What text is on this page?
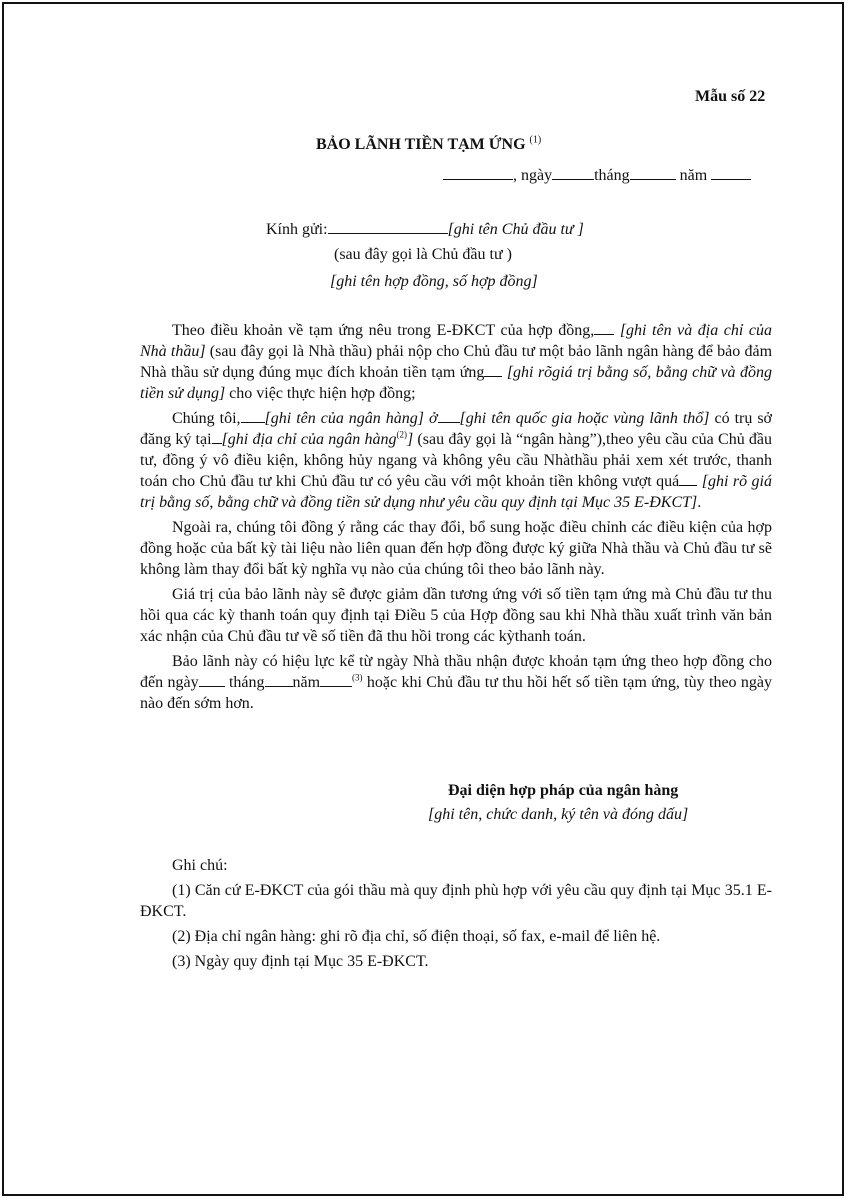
Mẫu số 22
BẢO LÃNH TIỀN TẠM ỨNG $^{(1)}$
, ngày	tháng	năm
Kính gửi:	[ghi tên Chủ đầu tư ]
(sau đây gọi là Chủ đầu tư )
[ghi tên hợp đồng, số hợp đồng]

Theo điều khoản về tạm ứng nêu trong E-ĐKCT của hợp đồng, [ghi tên và địa chỉ của Nhà thầu] (sau đây gọi là Nhà thầu) phải nộp cho Chủ đầu tư một bảo lãnh ngân hàng để bảo đảm Nhà thầu sử dụng đúng mục đích khoản tiền tạm ứng [ghi rõgiá trị bằng số, bằng chữ và đồng tiền sử dụng] cho việc thực hiện hợp đồng;

Chúng tôi, [ghi tên của ngân hàng] ở [ghi tên quốc gia hoặc vùng lãnh thổ] có trụ sở đăng ký tại [ghi địa chỉ của ngân hàng$^{(2)}$] (sau đây gọi là “ngân hàng”),theo yêu cầu của Chủ đầu tư, đồng ý vô điều kiện, không hủy ngang và không yêu cầu Nhàthầu phải xem xét trước, thanh toán cho Chủ đầu tư khi Chủ đầu tư có yêu cầu với một khoản tiền không vượt quá [ghi rõ giá trị bằng số, bằng chữ và đồng tiền sử dụng như yêu cầu quy định tại Mục 35 E-ĐKCT].

Ngoài ra, chúng tôi đồng ý rằng các thay đổi, bổ sung hoặc điều chỉnh các điều kiện của hợp đồng hoặc của bất kỳ tài liệu nào liên quan đến hợp đồng được ký giữa Nhà thầu và Chủ đầu tư sẽ không làm thay đổi bất kỳ nghĩa vụ nào của chúng tôi theo bảo lãnh này.

Giá trị của bảo lãnh này sẽ được giảm dần tương ứng với số tiền tạm ứng mà Chủ đầu tư thu hồi qua các kỳ thanh toán quy định tại Điều 5 của Hợp đồng sau khi Nhà thầu xuất trình văn bản xác nhận của Chủ đầu tư về số tiền đã thu hồi trong các kỳthanh toán.

Bảo lãnh này có hiệu lực kể từ ngày Nhà thầu nhận được khoản tạm ứng theo hợp đồng cho đến ngày tháng năm	$^{(3)}$ hoặc khi Chủ đầu tư thu hồi hết số tiền tạm ứng, tùy theo ngày nào đến sớm hơn.

Đại diện hợp pháp của ngân hàng
[ghi tên, chức danh, ký tên và đóng dấu]

Ghi chú:

(1) Căn cứ E-ĐKCT của gói thầu mà quy định phù hợp với yêu cầu quy định tại Mục 35.1 E-ĐKCT.

(2) Địa chỉ ngân hàng: ghi rõ địa chỉ, số điện thoại, số fax, e-mail để liên hệ.

(3) Ngày quy định tại Mục 35 E-ĐKCT.
